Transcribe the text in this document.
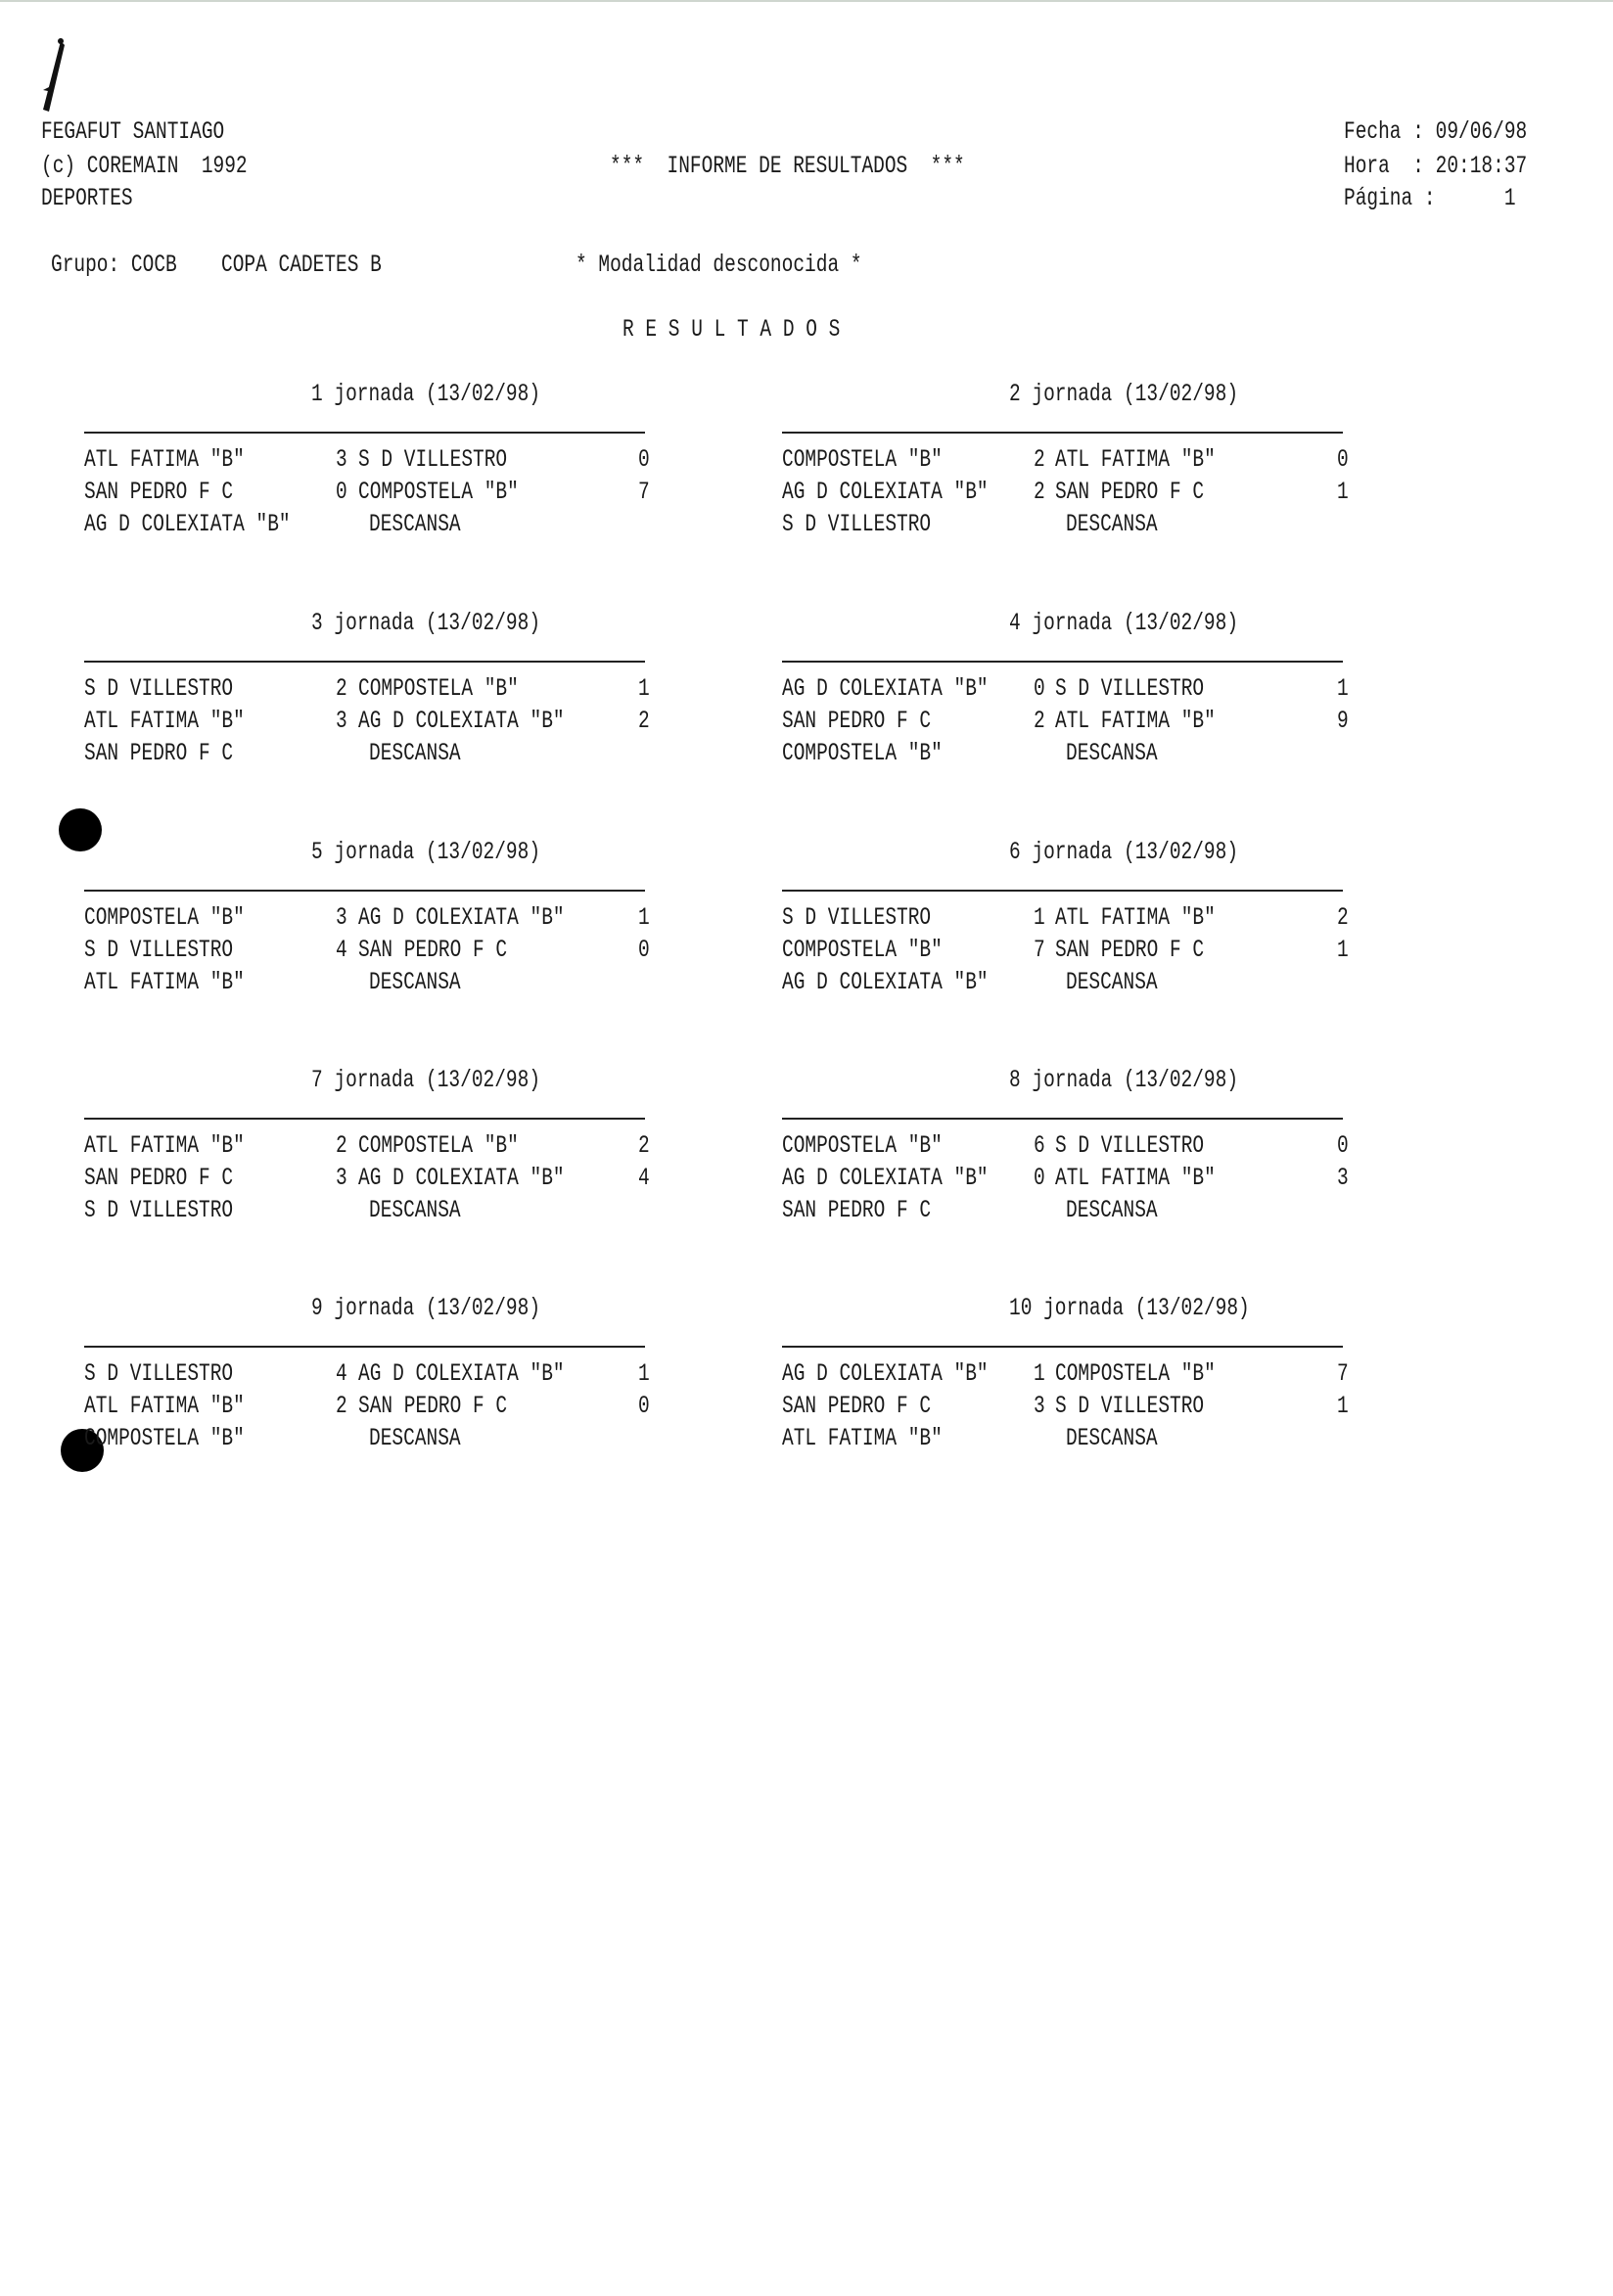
FEGAFUT SANTIAGO
(c) COREMAIN  1992
DEPORTES
***  INFORME DE RESULTADOS  ***
Fecha : 09/06/98
Hora  : 20:18:37
Página :      1
Grupo: COCB COPA CADETES B	* Modalidad desconocida *
R E S U L T A D O S
1 jornada (13/02/98)
ATL FATIMA "B"	3 S D VILLESTRO	0
SAN PEDRO F C	0 COMPOSTELA "B"	7
AG D COLEXIATA "B"	DESCANSA
2 jornada (13/02/98)
COMPOSTELA "B"	2 ATL FATIMA "B"	0
AG D COLEXIATA "B" 2 SAN PEDRO F C	1
S D VILLESTRO	DESCANSA
3 jornada (13/02/98)
S D VILLESTRO	2 COMPOSTELA "B"	1
ATL FATIMA "B"	3 AG D COLEXIATA "B"	2
SAN PEDRO F C	DESCANSA
4 jornada (13/02/98)
AG D COLEXIATA "B" 0 S D VILLESTRO	1
SAN PEDRO F C	2 ATL FATIMA "B"	9
COMPOSTELA "B"	DESCANSA
5 jornada (13/02/98)
COMPOSTELA "B"	3 AG D COLEXIATA "B"	1
S D VILLESTRO	4 SAN PEDRO F C	0
ATL FATIMA "B"	DESCANSA
6 jornada (13/02/98)
S D VILLESTRO	1 ATL FATIMA "B"	2
COMPOSTELA "B"	7 SAN PEDRO F C	1
AG D COLEXIATA "B"	DESCANSA
7 jornada (13/02/98)
ATL FATIMA "B"	2 COMPOSTELA "B"	2
SAN PEDRO F C	3 AG D COLEXIATA "B"	4
S D VILLESTRO	DESCANSA
8 jornada (13/02/98)
COMPOSTELA "B"	6 S D VILLESTRO	0
AG D COLEXIATA "B" 0 ATL FATIMA "B"	3
SAN PEDRO F C	DESCANSA
9 jornada (13/02/98)
S D VILLESTRO	4 AG D COLEXIATA "B"	1
ATL FATIMA "B"	2 SAN PEDRO F C	0
COMPOSTELA "B"	DESCANSA
10 jornada (13/02/98)
AG D COLEXIATA "B" 1 COMPOSTELA "B"	7
SAN PEDRO F C	3 S D VILLESTRO	1
ATL FATIMA "B"	DESCANSA
